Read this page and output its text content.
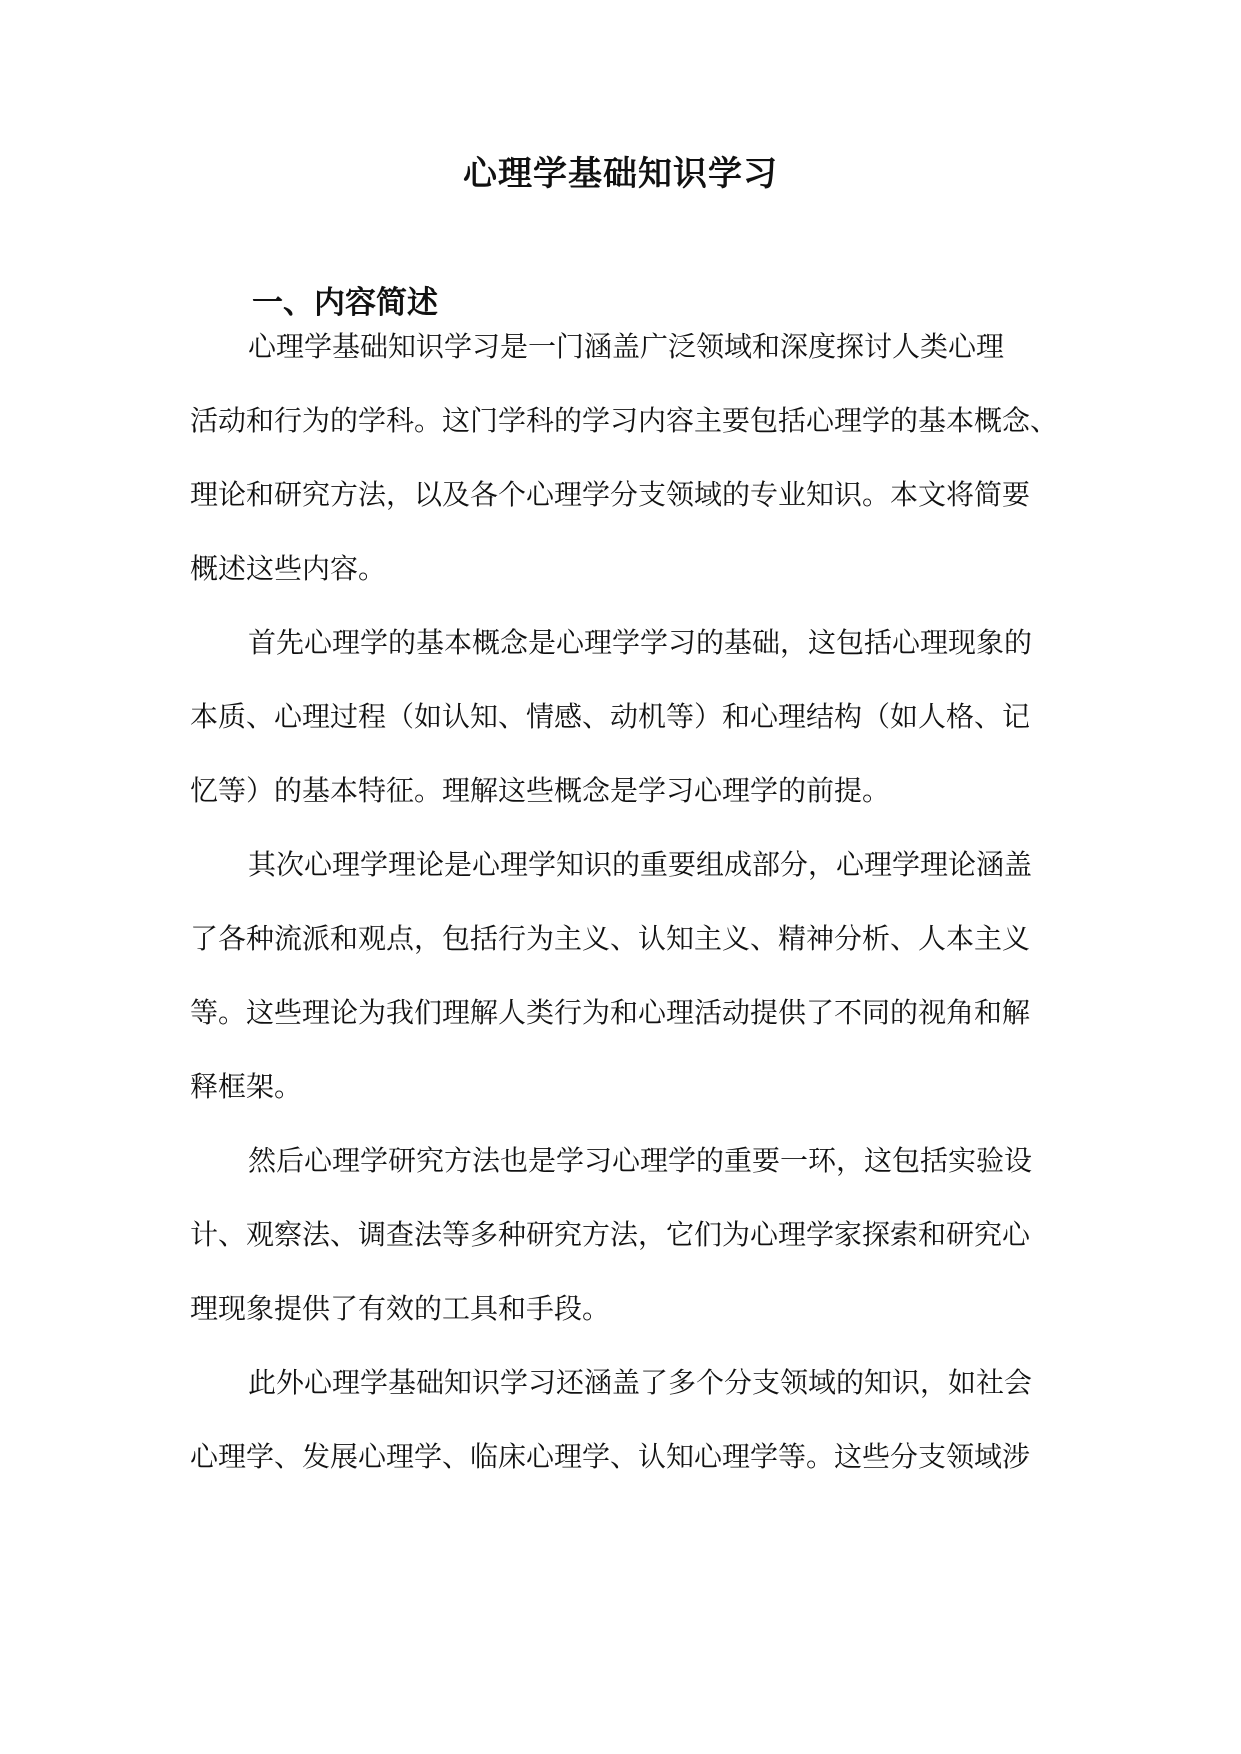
心理学基础知识学习
一、内容简述
心理学基础知识学习是一门涵盖广泛领域和深度探讨人类心理
活动和行为的学科。这门学科的学习内容主要包括心理学的基本概念、
理论和研究方法，以及各个心理学分支领域的专业知识。本文将简要
概述这些内容。
首先心理学的基本概念是心理学学习的基础，这包括心理现象的
本质、心理过程（如认知、情感、动机等）和心理结构（如人格、记
忆等）的基本特征。理解这些概念是学习心理学的前提。
其次心理学理论是心理学知识的重要组成部分，心理学理论涵盖
了各种流派和观点，包括行为主义、认知主义、精神分析、人本主义
等。这些理论为我们理解人类行为和心理活动提供了不同的视角和解
释框架。
然后心理学研究方法也是学习心理学的重要一环，这包括实验设
计、观察法、调查法等多种研究方法，它们为心理学家探索和研究心
理现象提供了有效的工具和手段。
此外心理学基础知识学习还涵盖了多个分支领域的知识，如社会
心理学、发展心理学、临床心理学、认知心理学等。这些分支领域涉
